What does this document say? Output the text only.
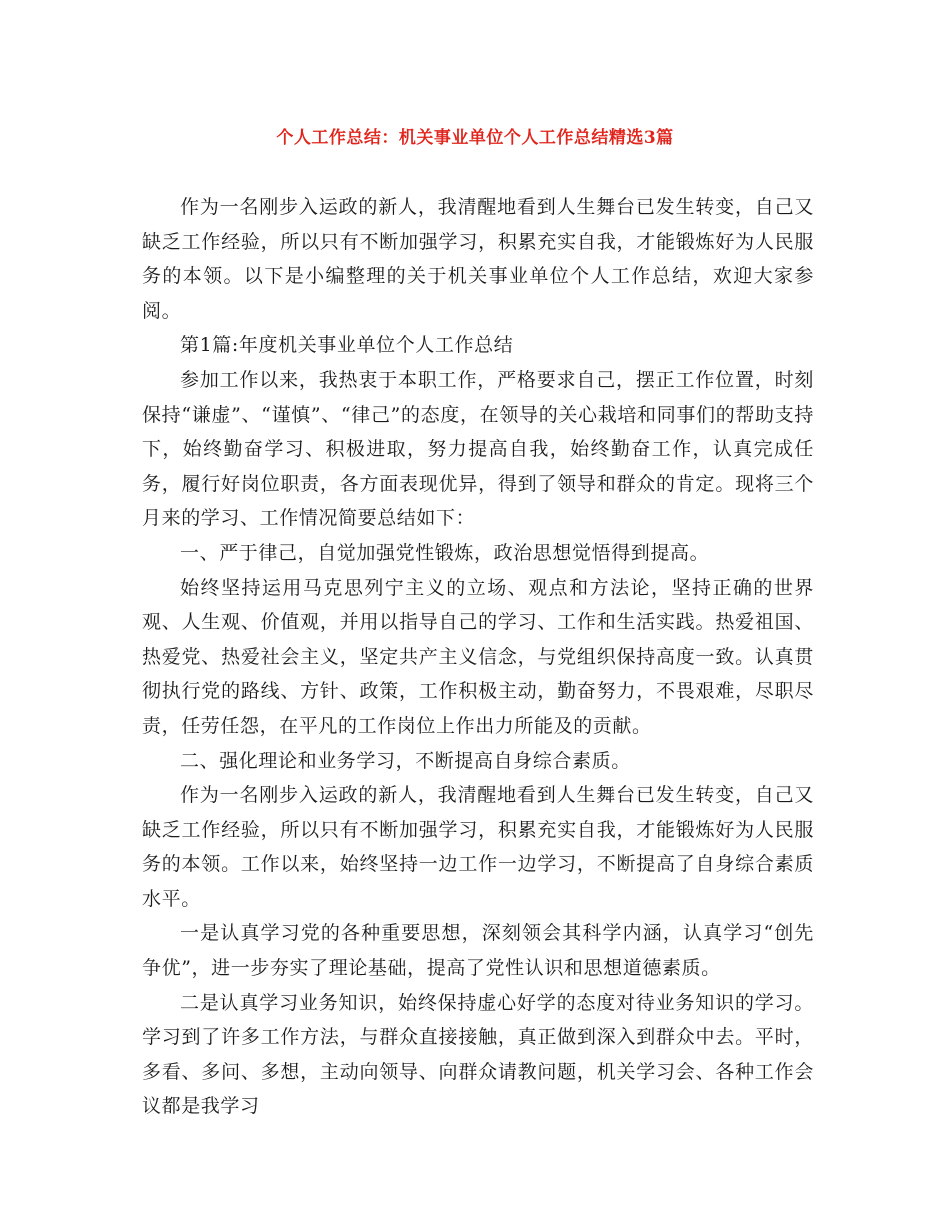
个人工作总结：机关事业单位个人工作总结精选3篇

作为一名刚步入运政的新人，我清醒地看到人生舞台已发生转变，自己又缺乏工作经验，所以只有不断加强学习，积累充实自我，才能锻炼好为人民服务的本领。以下是小编整理的关于机关事业单位个人工作总结，欢迎大家参阅。

第1篇:年度机关事业单位个人工作总结

参加工作以来，我热衷于本职工作，严格要求自己，摆正工作位置，时刻保持“谦虚”、“谨慎”、“律己”的态度，在领导的关心栽培和同事们的帮助支持下，始终勤奋学习、积极进取，努力提高自我，始终勤奋工作，认真完成任务，履行好岗位职责，各方面表现优异，得到了领导和群众的肯定。现将三个月来的学习、工作情况简要总结如下：

一、严于律己，自觉加强党性锻炼，政治思想觉悟得到提高。

始终坚持运用马克思列宁主义的立场、观点和方法论，坚持正确的世界观、人生观、价值观，并用以指导自己的学习、工作和生活实践。热爱祖国、热爱党、热爱社会主义，坚定共产主义信念，与党组织保持高度一致。认真贯彻执行党的路线、方针、政策，工作积极主动，勤奋努力，不畏艰难，尽职尽责，任劳任怨，在平凡的工作岗位上作出力所能及的贡献。

二、强化理论和业务学习，不断提高自身综合素质。

作为一名刚步入运政的新人，我清醒地看到人生舞台已发生转变，自己又缺乏工作经验，所以只有不断加强学习，积累充实自我，才能锻炼好为人民服务的本领。工作以来，始终坚持一边工作一边学习，不断提高了自身综合素质水平。

一是认真学习党的各种重要思想，深刻领会其科学内涵，认真学习“创先争优”，进一步夯实了理论基础，提高了党性认识和思想道德素质。

二是认真学习业务知识，始终保持虚心好学的态度对待业务知识的学习。学习到了许多工作方法，与群众直接接触，真正做到深入到群众中去。平时，多看、多问、多想，主动向领导、向群众请教问题，机关学习会、各种工作会议都是我学习
